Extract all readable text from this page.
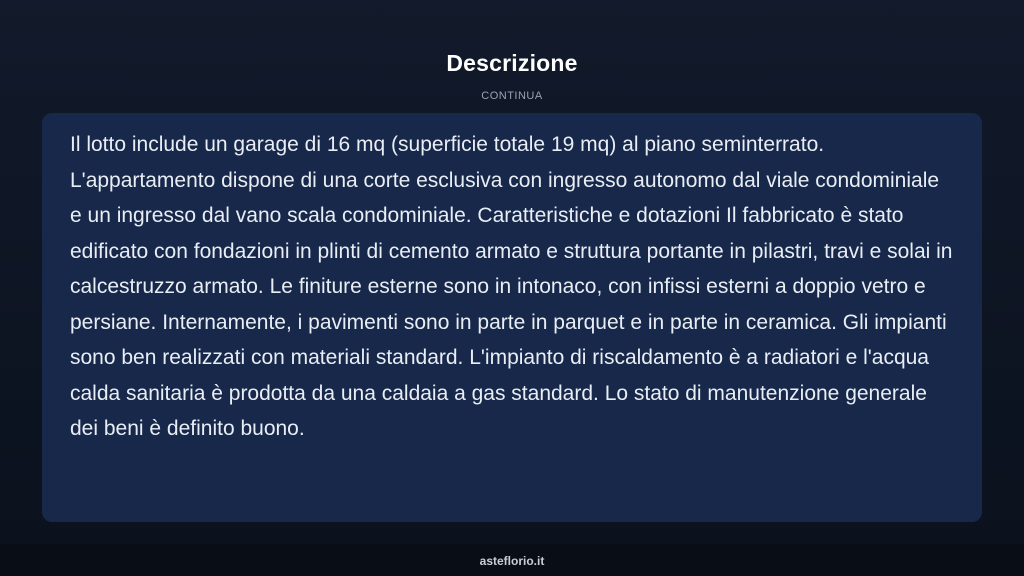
Descrizione
CONTINUA

Il lotto include un garage di 16 mq (superficie totale 19 mq) al piano seminterrato. L'appartamento dispone di una corte esclusiva con ingresso autonomo dal viale condominiale e un ingresso dal vano scala condominiale. Caratteristiche e dotazioni Il fabbricato è stato edificato con fondazioni in plinti di cemento armato e struttura portante in pilastri, travi e solai in calcestruzzo armato. Le finiture esterne sono in intonaco, con infissi esterni a doppio vetro e persiane. Internamente, i pavimenti sono in parte in parquet e in parte in ceramica. Gli impianti sono ben realizzati con materiali standard. L'impianto di riscaldamento è a radiatori e l'acqua calda sanitaria è prodotta da una caldaia a gas standard. Lo stato di manutenzione generale dei beni è definito buono.

asteflorio.it
